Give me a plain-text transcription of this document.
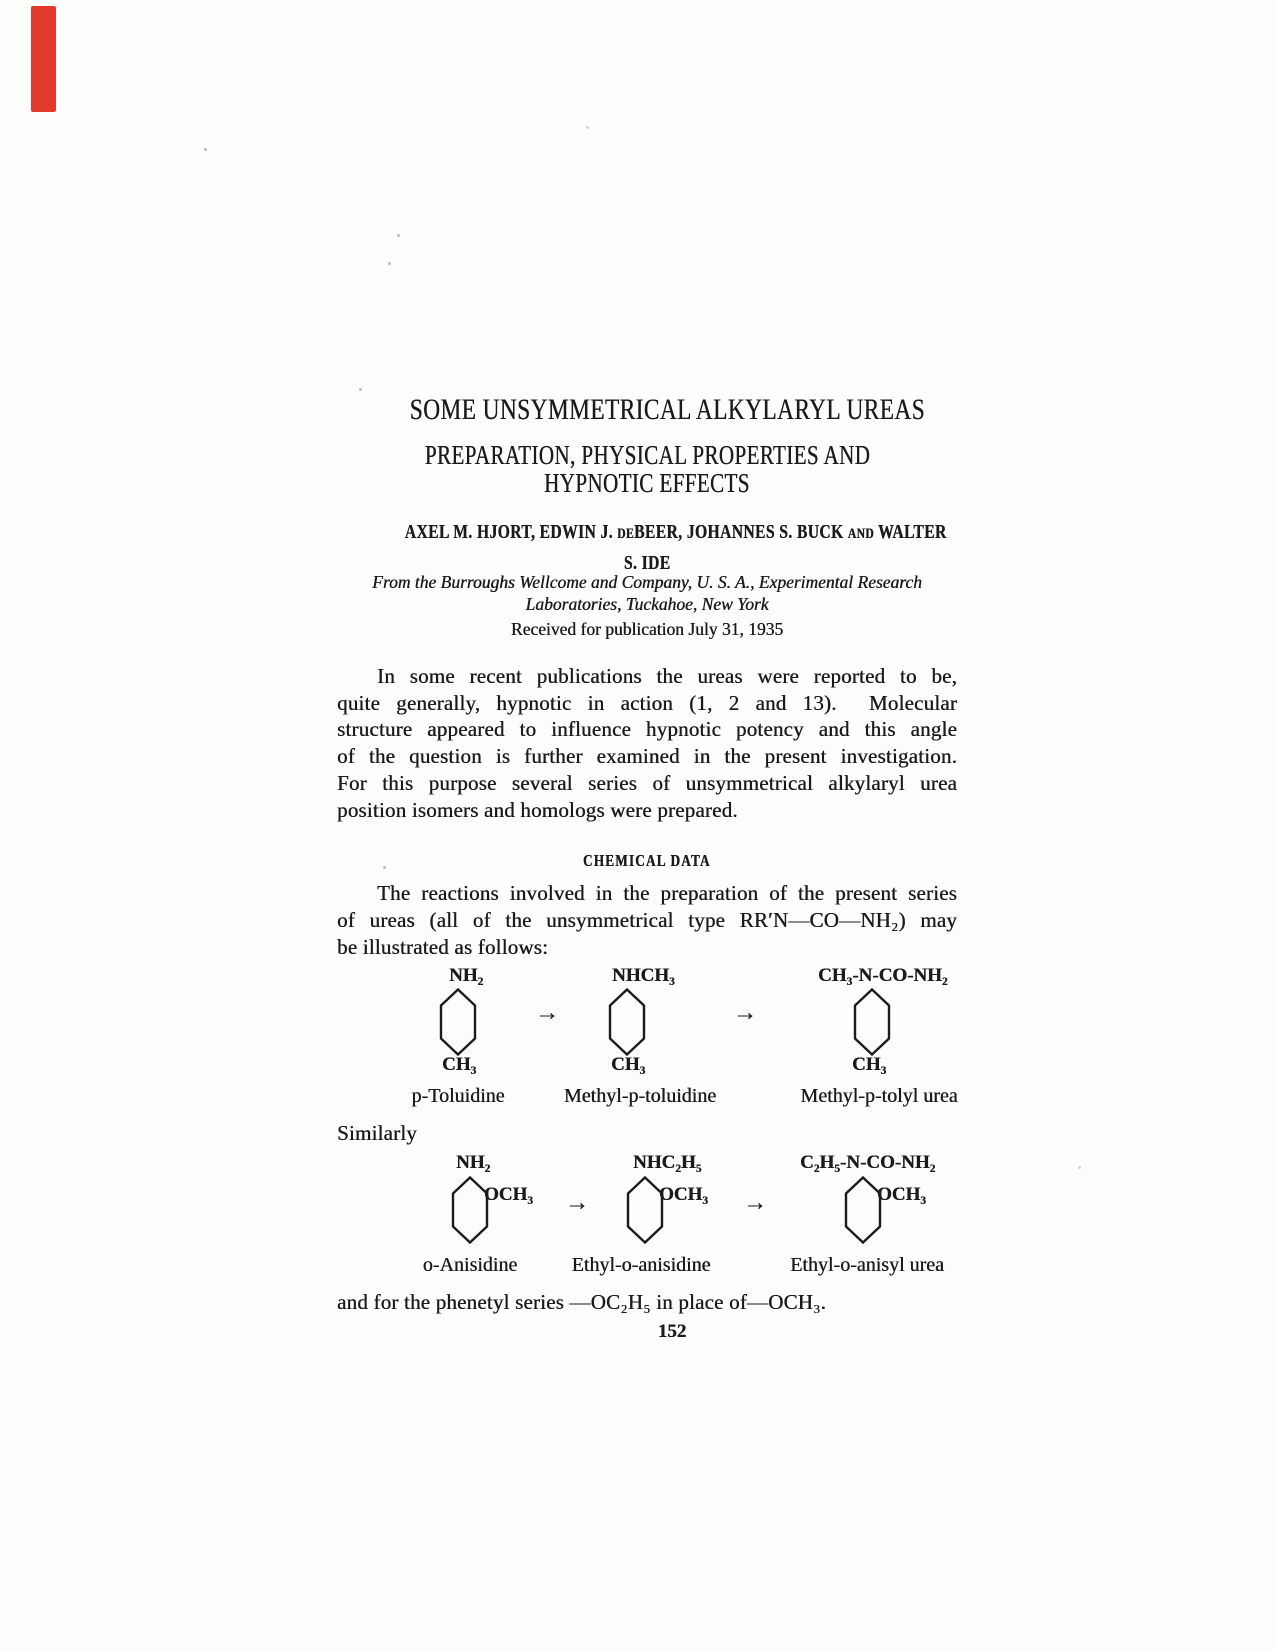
SOME UNSYMMETRICAL ALKYLARYL UREAS
PREPARATION, PHYSICAL PROPERTIES AND
HYPNOTIC EFFECTS
AXEL M. HJORT, EDWIN J. DEBEER, JOHANNES S. BUCK AND WALTER
S. IDE
From the Burroughs Wellcome and Company, U. S. A., Experimental Research
Laboratories, Tuckahoe, New York
Received for publication July 31, 1935
In some recent publications the ureas were reported to be,
quite generally, hypnotic in action (1, 2 and 13).  Molecular
structure appeared to influence hypnotic potency and this angle
of the question is further examined in the present investigation.
For this purpose several series of unsymmetrical alkylaryl urea
position isomers and homologs were prepared.
CHEMICAL DATA
The reactions involved in the preparation of the present series
of ureas (all of the unsymmetrical type RR′N—CO—NH₂) may
be illustrated as follows:
NH₂	NHCH₃	CH₃-N-CO-NH₂
→	→
CH₃	CH₃	CH₃
p-Toluidine	Methyl-p-toluidine	Methyl-p-tolyl urea
Similarly
NH₂	NHC₂H₅	C₂H₅-N-CO-NH₂
OCH₃	OCH₃	OCH₃
→	→
o-Anisidine	Ethyl-o-anisidine	Ethyl-o-anisyl urea
and for the phenetyl series —OC₂H₅ in place of—OCH₃.
152
